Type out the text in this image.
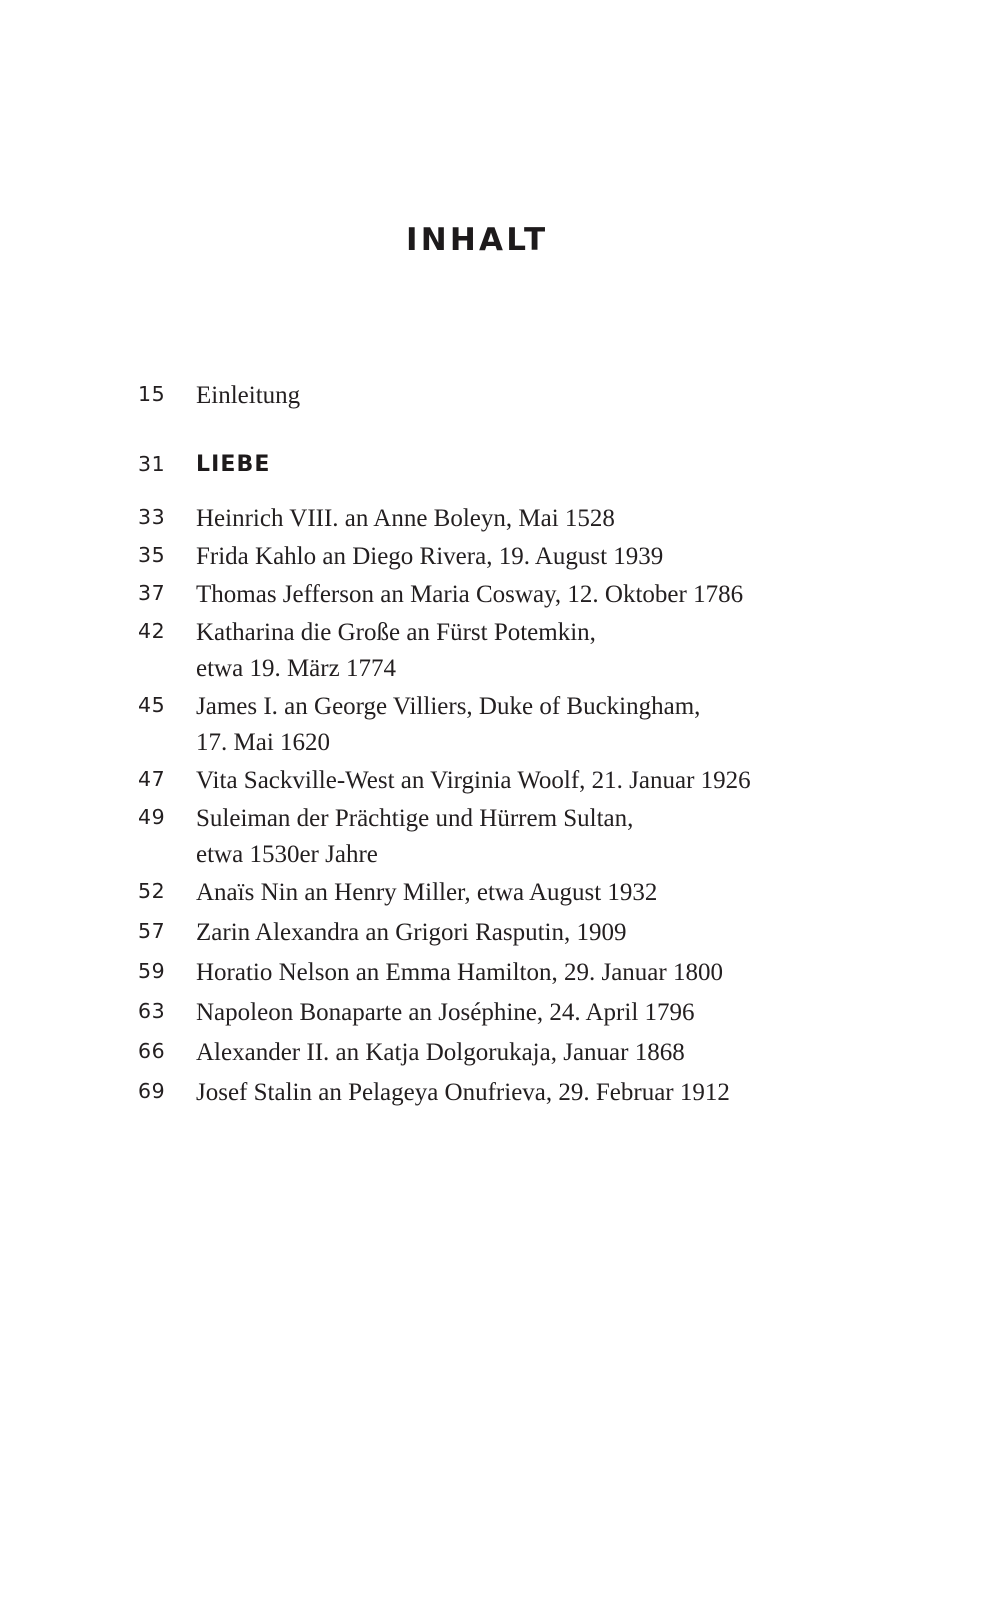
INHALT
15	Einleitung
31	LIEBE
33	Heinrich VIII. an Anne Boleyn, Mai 1528
35	Frida Kahlo an Diego Rivera, 19. August 1939
37	Thomas Jefferson an Maria Cosway, 12. Oktober 1786
42	Katharina die Große an Fürst Potemkin,
etwa 19. März 1774
45	James I. an George Villiers, Duke of Buckingham,
17. Mai 1620
47	Vita Sackville-West an Virginia Woolf, 21. Januar 1926
49	Suleiman der Prächtige und Hürrem Sultan,
etwa 1530er Jahre
52	Anaïs Nin an Henry Miller, etwa August 1932
57	Zarin Alexandra an Grigori Rasputin, 1909
59	Horatio Nelson an Emma Hamilton, 29. Januar 1800
63	Napoleon Bonaparte an Joséphine, 24. April 1796
66	Alexander II. an Katja Dolgorukaja, Januar 1868
69	Josef Stalin an Pelageya Onufrieva, 29. Februar 1912
